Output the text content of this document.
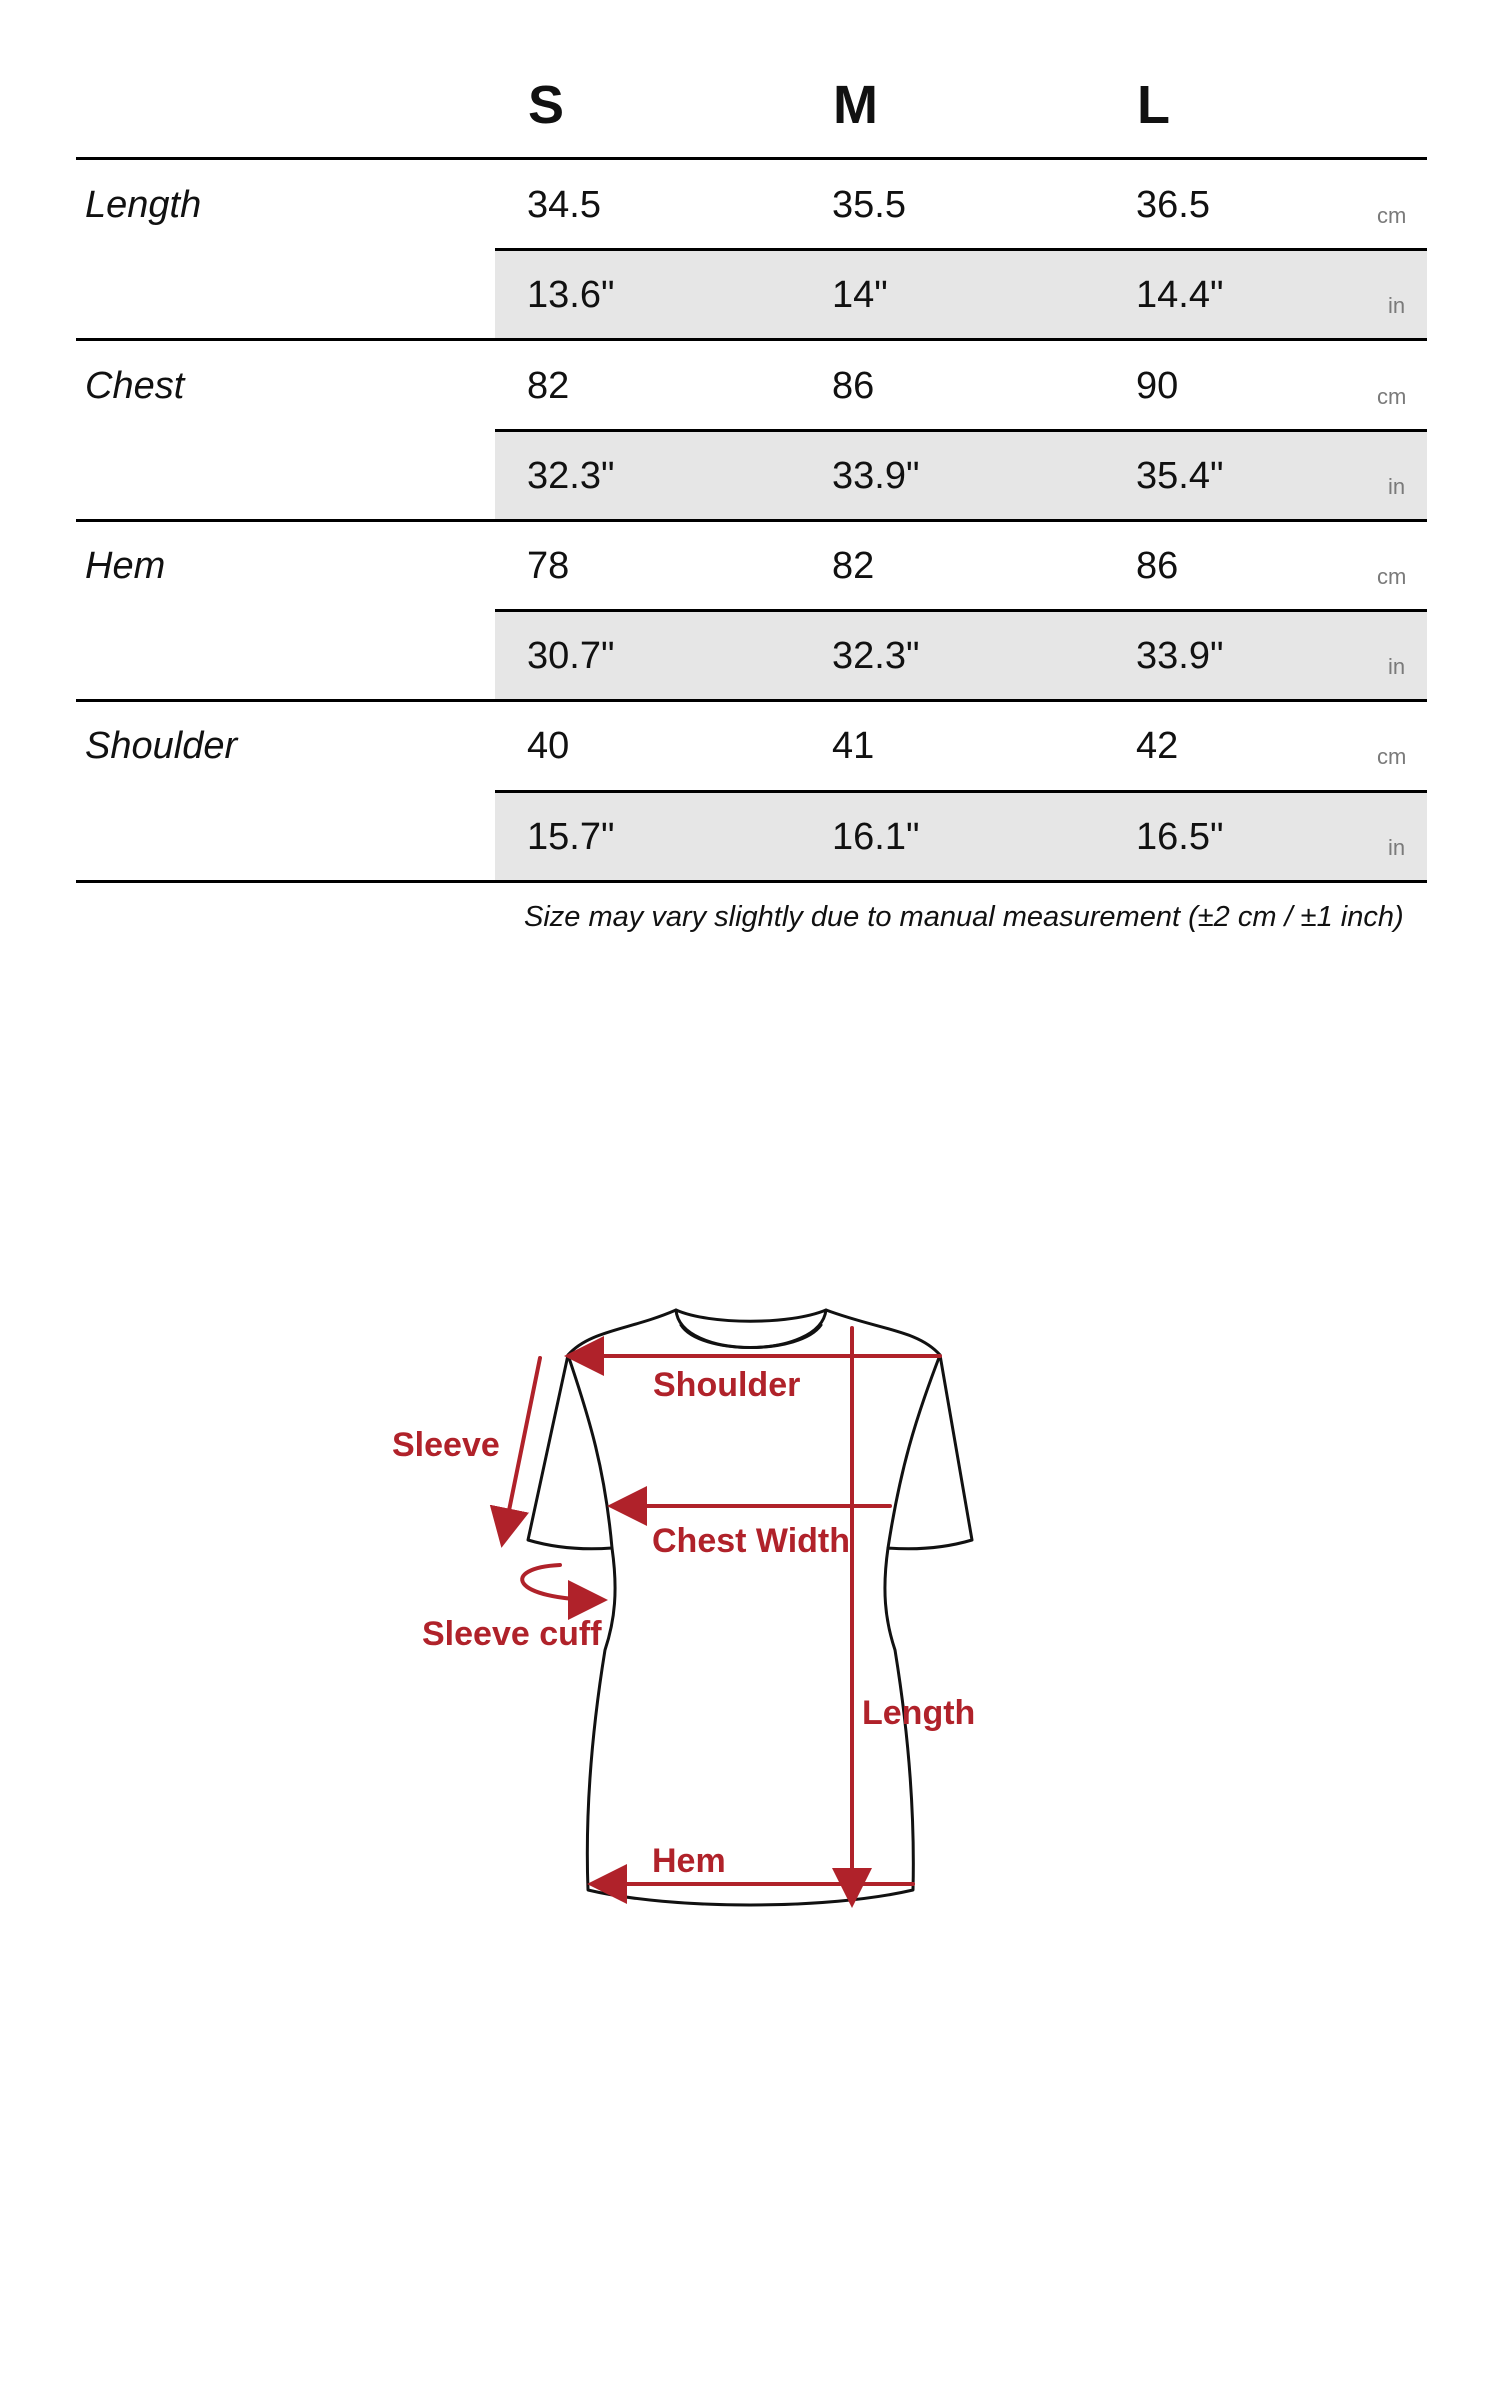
S	M	L
Length	34.5	35.5	36.5	cm
13.6"	14"	14.4"	in
Chest	82	86	90	cm
32.3"	33.9"	35.4"	in
Hem	78	82	86	cm
30.7"	32.3"	33.9"	in
Shoulder	40	41	42	cm
15.7"	16.1"	16.5"	in
Size may vary slightly due to manual measurement (±2 cm / ±1 inch)
Shoulder
Sleeve
Chest Width
Sleeve cuff
Length
Hem
